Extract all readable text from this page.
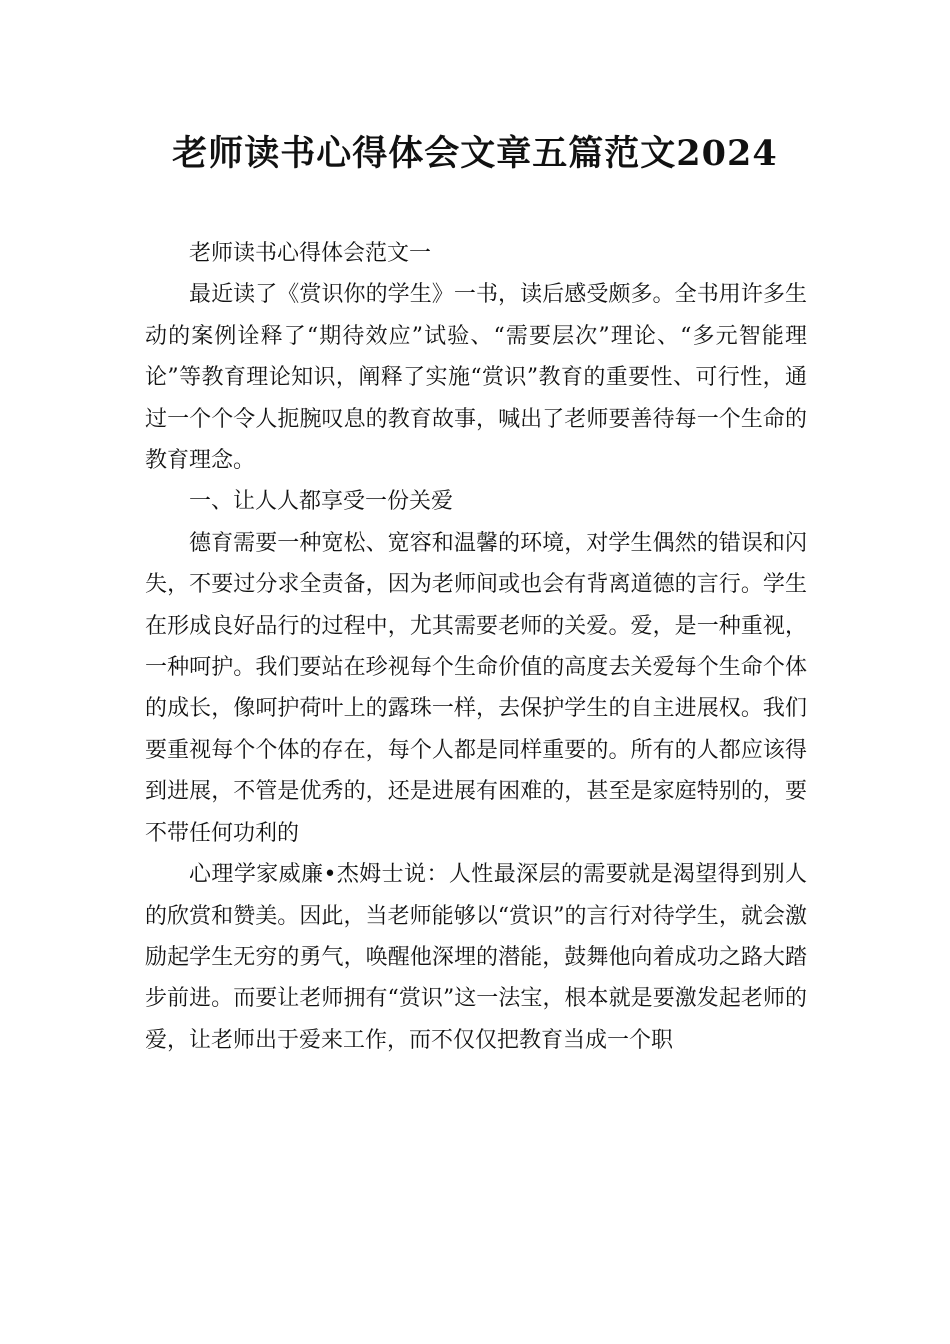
老师读书心得体会文章五篇范文2024

老师读书心得体会范文一

最近读了《赏识你的学生》一书，读后感受颇多。全书用许多生动的案例诠释了“期待效应”试验、“需要层次”理论、“多元智能理论”等教育理论知识，阐释了实施“赏识”教育的重要性、可行性，通过一个个令人扼腕叹息的教育故事，喊出了老师要善待每一个生命的教育理念。

一、让人人都享受一份关爱

德育需要一种宽松、宽容和温馨的环境，对学生偶然的错误和闪失，不要过分求全责备，因为老师间或也会有背离道德的言行。学生在形成良好品行的过程中，尤其需要老师的关爱。爱，是一种重视，一种呵护。我们要站在珍视每个生命价值的高度去关爱每个生命个体的成长，像呵护荷叶上的露珠一样，去保护学生的自主进展权。我们要重视每个个体的存在，每个人都是同样重要的。所有的人都应该得到进展，不管是优秀的，还是进展有困难的，甚至是家庭特别的，要不带任何功利的

心理学家威廉•杰姆士说：人性最深层的需要就是渴望得到别人的欣赏和赞美。因此，当老师能够以“赏识”的言行对待学生，就会激励起学生无穷的勇气，唤醒他深埋的潜能，鼓舞他向着成功之路大踏步前进。而要让老师拥有“赏识”这一法宝，根本就是要激发起老师的爱，让老师出于爱来工作，而不仅仅把教育当成一个职
